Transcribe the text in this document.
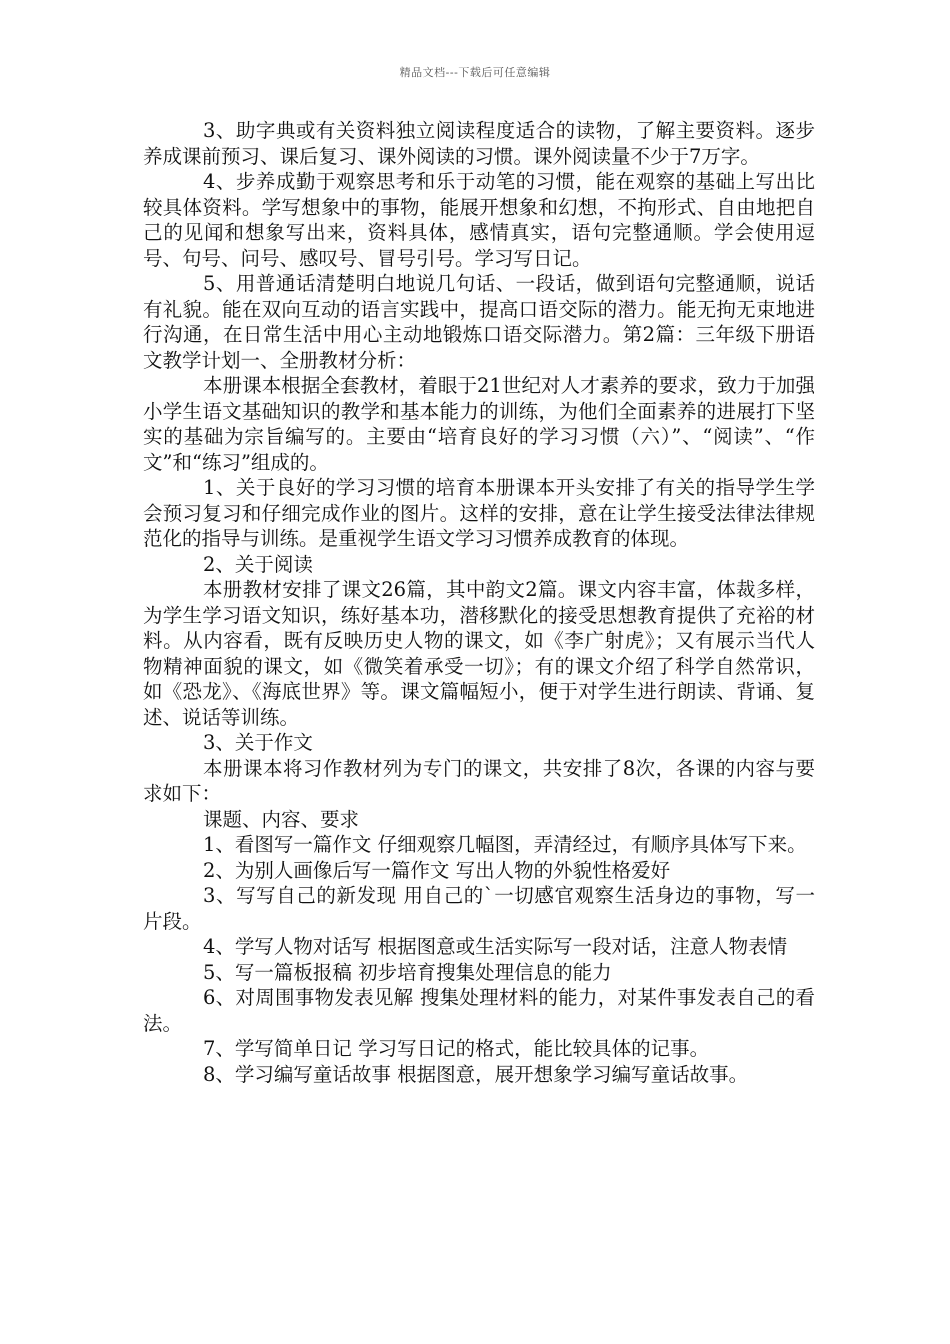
精品文档---下载后可任意编辑

3、助字典或有关资料独立阅读程度适合的读物，了解主要资料。逐步养成课前预习、课后复习、课外阅读的习惯。课外阅读量不少于7万字。

4、步养成勤于观察思考和乐于动笔的习惯，能在观察的基础上写出比较具体资料。学写想象中的事物，能展开想象和幻想，不拘形式、自由地把自己的见闻和想象写出来，资料具体，感情真实，语句完整通顺。学会使用逗号、句号、问号、感叹号、冒号引号。学习写日记。

5、用普通话清楚明白地说几句话、一段话，做到语句完整通顺，说话有礼貌。能在双向互动的语言实践中，提高口语交际的潜力。能无拘无束地进行沟通，在日常生活中用心主动地锻炼口语交际潜力。第2篇：三年级下册语文教学计划一、全册教材分析：

本册课本根据全套教材，着眼于21世纪对人才素养的要求，致力于加强小学生语文基础知识的教学和基本能力的训练，为他们全面素养的进展打下坚实的基础为宗旨编写的。主要由“培育良好的学习习惯（六）”、“阅读”、“作文”和“练习”组成的。

1、关于良好的学习习惯的培育本册课本开头安排了有关的指导学生学会预习复习和仔细完成作业的图片。这样的安排，意在让学生接受法律法律规范化的指导与训练。是重视学生语文学习习惯养成教育的体现。

2、关于阅读

本册教材安排了课文26篇，其中韵文2篇。课文内容丰富，体裁多样，为学生学习语文知识，练好基本功，潜移默化的接受思想教育提供了充裕的材料。从内容看，既有反映历史人物的课文，如《李广射虎》；又有展示当代人物精神面貌的课文，如《微笑着承受一切》；有的课文介绍了科学自然常识，如《恐龙》、《海底世界》等。课文篇幅短小，便于对学生进行朗读、背诵、复述、说话等训练。

3、关于作文

本册课本将习作教材列为专门的课文，共安排了8次，各课的内容与要求如下：

课题、内容、要求

1、看图写一篇作文 仔细观察几幅图，弄清经过，有顺序具体写下来。

2、为别人画像后写一篇作文 写出人物的外貌性格爱好

3、写写自己的新发现 用自己的`一切感官观察生活身边的事物，写一片段。

4、学写人物对话写 根据图意或生活实际写一段对话，注意人物表情

5、写一篇板报稿 初步培育搜集处理信息的能力

6、对周围事物发表见解 搜集处理材料的能力，对某件事发表自己的看法。

7、学写简单日记 学习写日记的格式，能比较具体的记事。

8、学习编写童话故事 根据图意，展开想象学习编写童话故事。
